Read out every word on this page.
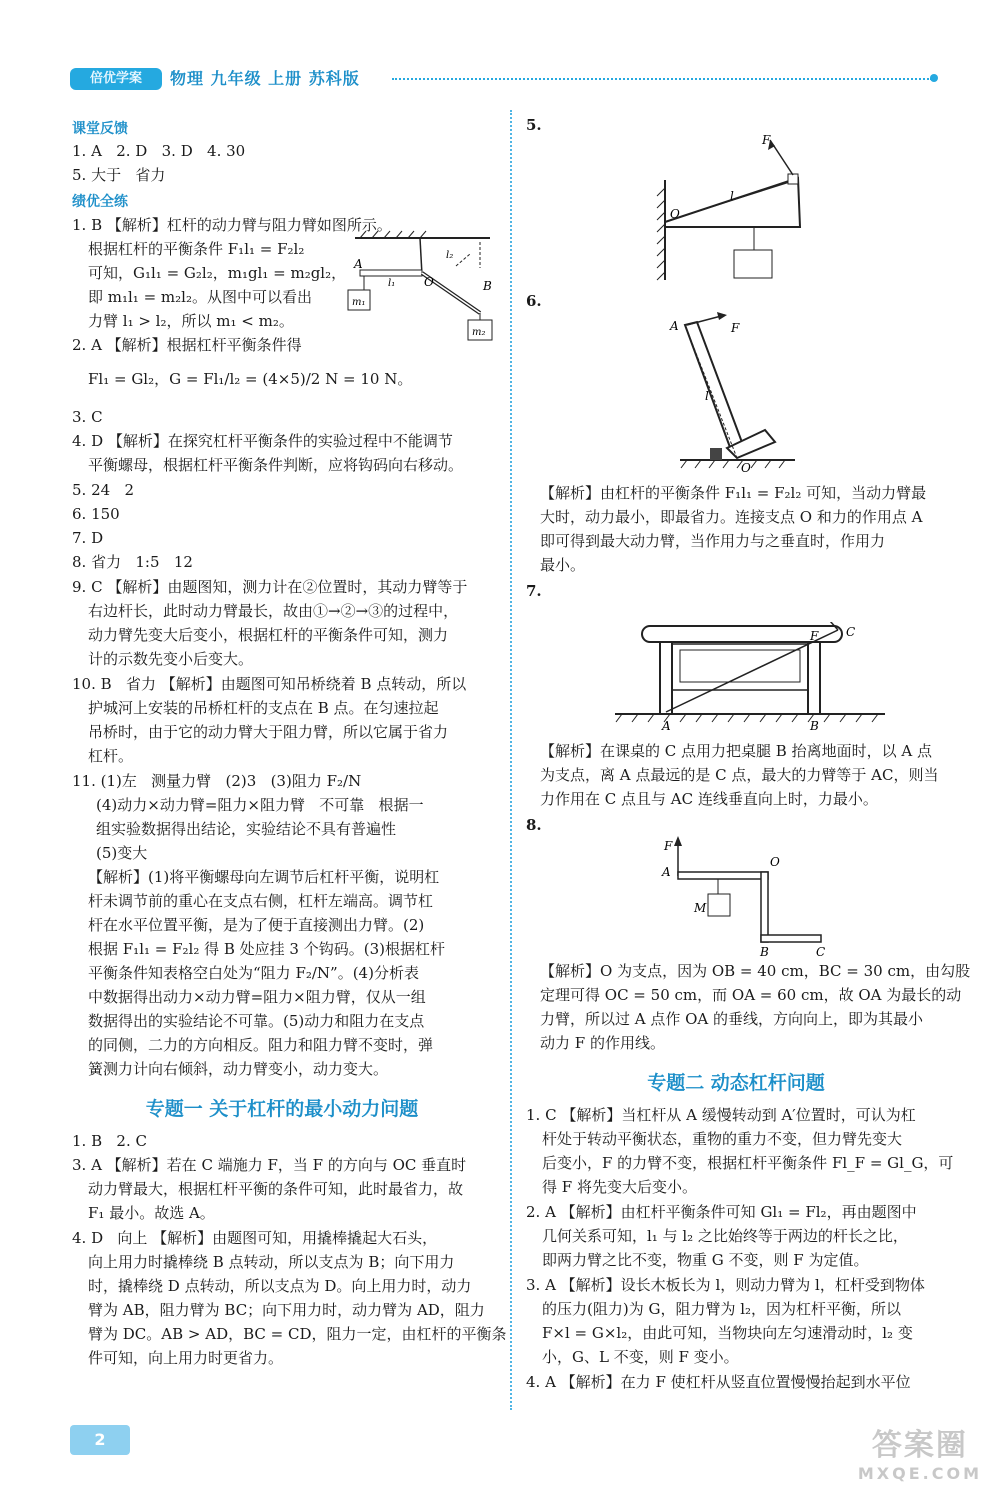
倍优学案	物理 九年级 上册 苏科版
课堂反馈
1. A   2. D   3. D   4. 30
5. 大于   省力
绩优全练
1. B 【解析】杠杆的动力臂与阻力臂如图所示。
根据杠杆的平衡条件 F₁l₁ = F₂l₂
可知，G₁l₁ = G₂l₂，m₁gl₁ = m₂gl₂，
即 m₁l₁ = m₂l₂。从图中可以看出
力臂 l₁ > l₂，所以 m₁ < m₂。
m₁
m₂
A
O	B
l₁
l₂
2. A 【解析】根据杠杆平衡条件得
Fl₁ = Gl₂，G = Fl₁/l₂ = (4×5)/2 N = 10 N。
3. C
4. D 【解析】在探究杠杆平衡条件的实验过程中不能调节
平衡螺母，根据杠杆平衡条件判断，应将钩码向右移动。
5. 24   2
6. 150
7. D
8. 省力   1:5   12
9. C 【解析】由题图知，测力计在②位置时，其动力臂等于
右边杆长，此时动力臂最长，故由①→②→③的过程中，
动力臂先变大后变小，根据杠杆的平衡条件可知，测力
计的示数先变小后变大。
10. B   省力 【解析】由题图可知吊桥绕着 B 点转动，所以
护城河上安装的吊桥杠杆的支点在 B 点。在匀速拉起
吊桥时，由于它的动力臂大于阻力臂，所以它属于省力
杠杆。
11. (1)左   测量力臂   (2)3   (3)阻力 F₂/N
(4)动力×动力臂=阻力×阻力臂   不可靠   根据一
组实验数据得出结论，实验结论不具有普遍性
(5)变大
【解析】(1)将平衡螺母向左调节后杠杆平衡，说明杠
杆未调节前的重心在支点右侧，杠杆左端高。调节杠
杆在水平位置平衡，是为了便于直接测出力臂。(2)
根据 F₁l₁ = F₂l₂ 得 B 处应挂 3 个钩码。(3)根据杠杆
平衡条件知表格空白处为“阻力 F₂/N”。(4)分析表
中数据得出动力×动力臂=阻力×阻力臂，仅从一组
数据得出的实验结论不可靠。(5)动力和阻力在支点
的同侧，二力的方向相反。阻力和阻力臂不变时，弹
簧测力计向右倾斜，动力臂变小，动力变大。
专题一 关于杠杆的最小动力问题
1. B   2. C
3. A 【解析】若在 C 端施力 F，当 F 的方向与 OC 垂直时
动力臂最大，根据杠杆平衡的条件可知，此时最省力，故
F₁ 最小。故选 A。
4. D   向上 【解析】由题图可知，用撬棒撬起大石头，
向上用力时撬棒绕 B 点转动，所以支点为 B；向下用力
时，撬棒绕 D 点转动，所以支点为 D。向上用力时，动力
臂为 AB，阻力臂为 BC；向下用力时，动力臂为 AD，阻力
臂为 DC。AB > AD，BC = CD，阻力一定，由杠杆的平衡条
件可知，向上用力时更省力。
5.
F
O
l
6.
A	F
l
O
【解析】由杠杆的平衡条件 F₁l₁ = F₂l₂ 可知，当动力臂最
大时，动力最小，即最省力。连接支点 O 和力的作用点 A
即可得到最大动力臂，当作用力与之垂直时，作用力
最小。
7.
F C
A	B
【解析】在课桌的 C 点用力把桌腿 B 抬离地面时，以 A 点
为支点，离 A 点最远的是 C 点，最大的力臂等于 AC，则当
力作用在 C 点且与 AC 连线垂直向上时，力最小。
8.
F
A
O
M
B	C
【解析】O 为支点，因为 OB = 40 cm，BC = 30 cm，由勾股
定理可得 OC = 50 cm，而 OA = 60 cm，故 OA 为最长的动
力臂，所以过 A 点作 OA 的垂线，方向向上，即为其最小
动力 F 的作用线。
专题二 动态杠杆问题
1. C 【解析】当杠杆从 A 缓慢转动到 A′位置时，可认为杠
杆处于转动平衡状态，重物的重力不变，但力臂先变大
后变小，F 的力臂不变，根据杠杆平衡条件 Fl_F = Gl_G，可
得 F 将先变大后变小。
2. A 【解析】由杠杆平衡条件可知 Gl₁ = Fl₂，再由题图中
几何关系可知，l₁ 与 l₂ 之比始终等于两边的杆长之比，
即两力臂之比不变，物重 G 不变，则 F 为定值。
3. A 【解析】设长木板长为 l，则动力臂为 l，杠杆受到物体
的压力(阻力)为 G，阻力臂为 l₂，因为杠杆平衡，所以
F×l = G×l₂，由此可知，当物块向左匀速滑动时，l₂ 变
小，G、L 不变，则 F 变小。
4. A 【解析】在力 F 使杠杆从竖直位置慢慢抬起到水平位
2	答案圈
MXQE.COM
